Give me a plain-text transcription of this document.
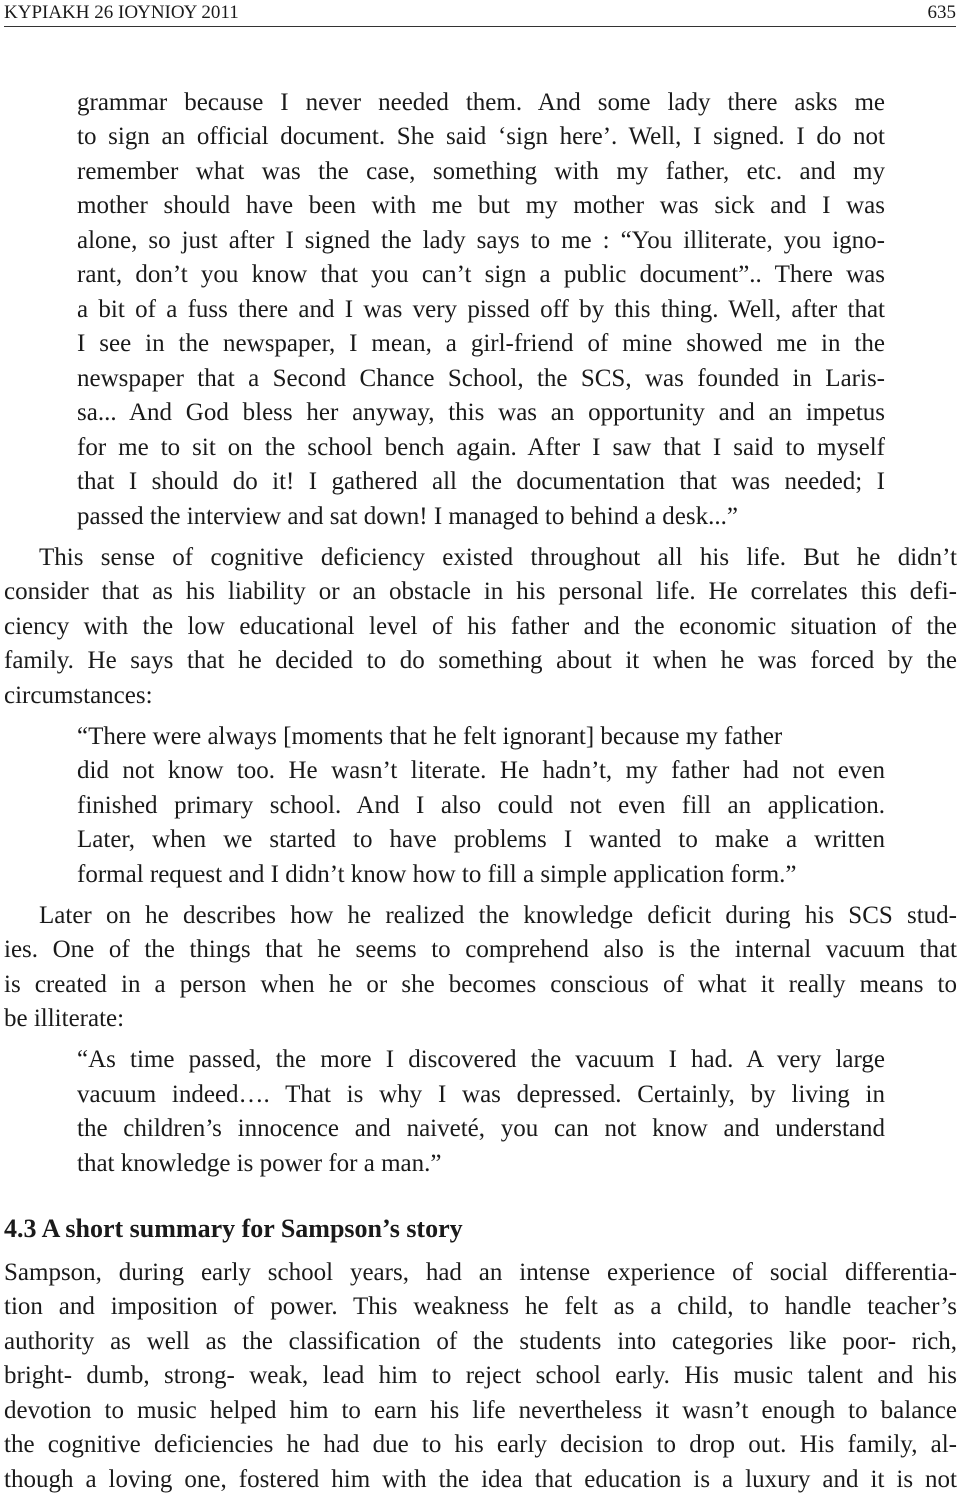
ΚΥΡΙΑΚΗ 26 ΙΟΥΝΙΟΥ 2011	635
grammar because I never needed them. And some lady there asks me
to sign an official document. She said ‘sign here’. Well, I signed. I do not
remember what was the case, something with my father, etc. and my
mother should have been with me but my mother was sick and I was
alone, so just after I signed the lady says to me : “You illiterate, you igno-
rant, don’t you know that you can’t sign a public document”.. There was
a bit of a fuss there and I was very pissed off by this thing. Well, after that
I see in the newspaper, I mean, a girl-friend of mine showed me in the
newspaper that a Second Chance School, the SCS, was founded in Laris-
sa... And God bless her anyway, this was an opportunity and an impetus
for me to sit on the school bench again. After I saw that I said to myself
that I should do it! I gathered all the documentation that was needed; I
passed the interview and sat down! I managed to behind a desk...”
This sense of cognitive deficiency existed throughout all his life. But he didn’t
consider that as his liability or an obstacle in his personal life. He correlates this defi-
ciency with the low educational level of his father and the economic situation of the
family. He says that he decided to do something about it when he was forced by the
circumstances:
“There were always [moments that he felt ignorant] because my father
did not know too. He wasn’t literate. He hadn’t, my father had not even
finished primary school. And I also could not even fill an application.
Later, when we started to have problems I wanted to make a written
formal request and I didn’t know how to fill a simple application form.”
Later on he describes how he realized the knowledge deficit during his SCS stud-
ies. One of the things that he seems to comprehend also is the internal vacuum that
is created in a person when he or she becomes conscious of what it really means to
be illiterate:
“As time passed, the more I discovered the vacuum I had. A very large
vacuum indeed…. That is why I was depressed. Certainly, by living in
the children’s innocence and naiveté, you can not know and understand
that knowledge is power for a man.”
4.3 A short summary for Sampson’s story
Sampson, during early school years, had an intense experience of social differentia-
tion and imposition of power. This weakness he felt as a child, to handle teacher’s
authority as well as the classification of the students into categories like poor- rich,
bright- dumb, strong- weak, lead him to reject school early. His music talent and his
devotion to music helped him to earn his life nevertheless it wasn’t enough to balance
the cognitive deficiencies he had due to his early decision to drop out. His family, al-
though a loving one, fostered him with the idea that education is a luxury and it is not
